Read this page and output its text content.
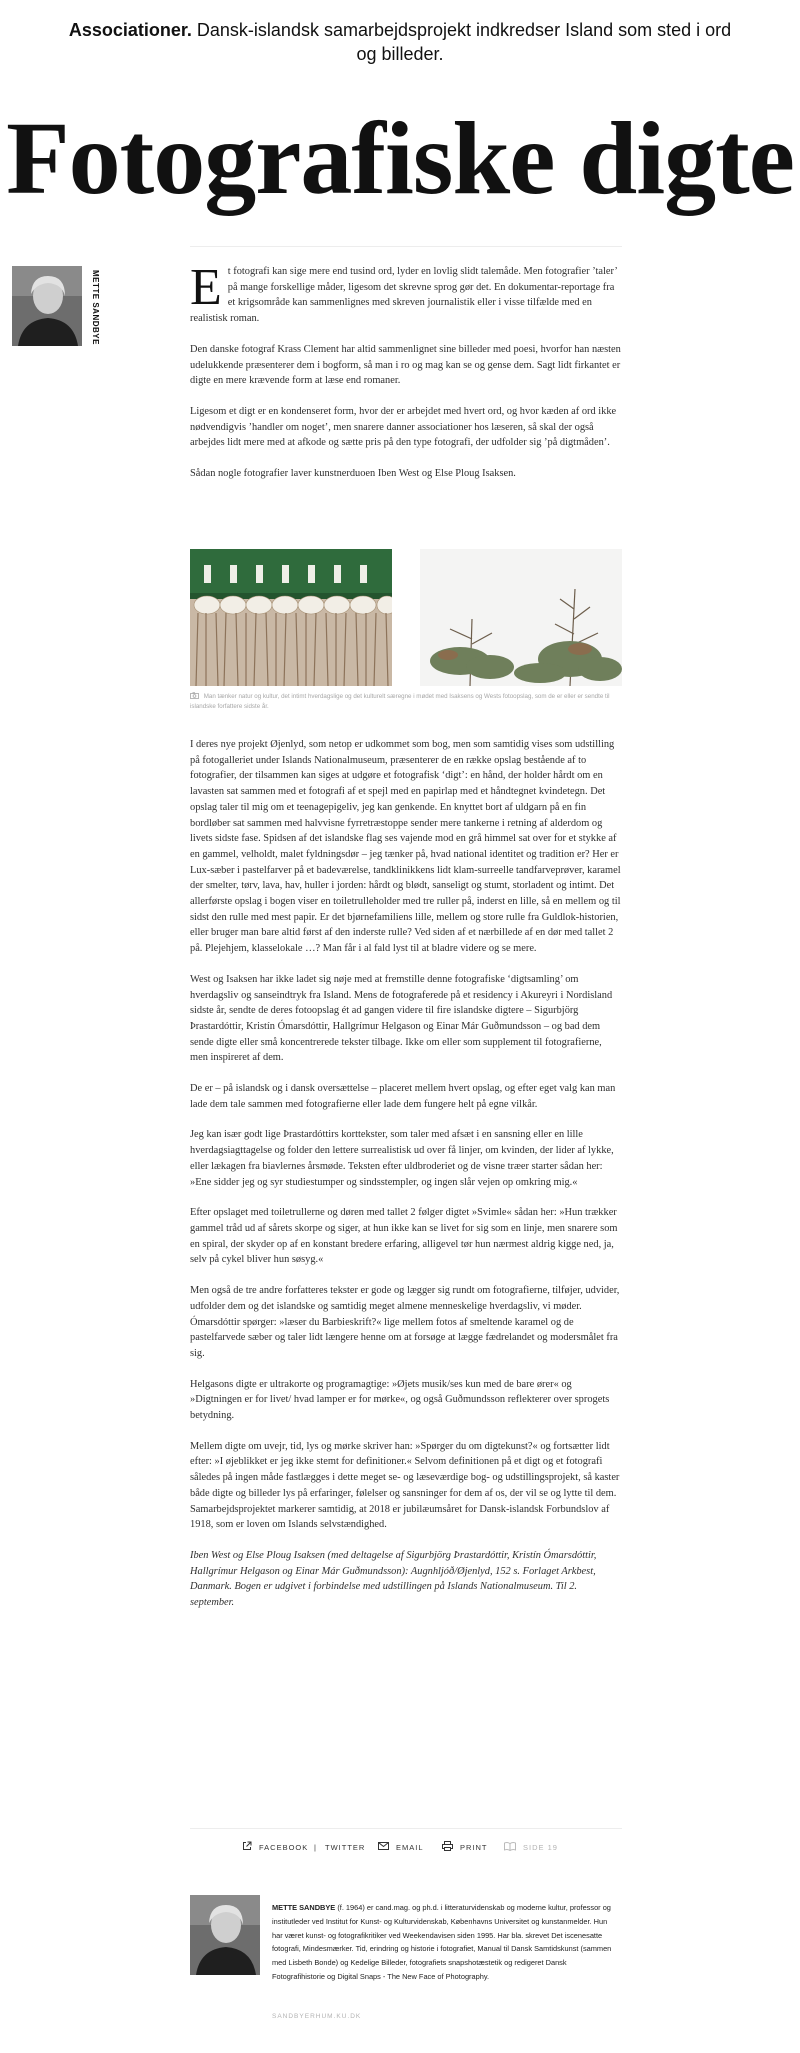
Associationer. Dansk-islandsk samarbejdsprojekt indkredser Island som sted i ord og billeder.
Fotografiske digte
METTE SANDBYE E t fotografi kan sige mere end tusind ord, lyder en lovlig slidt talemåde. Men fotografier ’taler’ på mange forskellige måder, ligesom det skrevne sprog gør det. En dokumentar-reportage fra et krigsområde kan sammenlignes med skreven journalistik eller i visse tilfælde med en realistisk roman.

Den danske fotograf Krass Clement har altid sammenlignet sine billeder med poesi, hvorfor han næsten udelukkende præsenterer dem i bogform, så man i ro og mag kan se og gense dem. Sagt lidt firkantet er digte en mere krævende form at læse end romaner.

Ligesom et digt er en kondenseret form, hvor der er arbejdet med hvert ord, og hvor kæden af ord ikke nødvendigvis ’handler om noget’, men snarere danner associationer hos læseren, så skal der også arbejdes lidt mere med at afkode og sætte pris på den type fotografi, der udfolder sig ’på digtmåden’.

Sådan nogle fotografier laver kunstnerduoen Iben West og Else Ploug Isaksen.

Man tænker natur og kultur, det intimt hverdagslige og det kulturelt særegne i mødet med Isaksens og Wests fotoopslag, som de er eller er sendte til islandske forfattere sidste år.

I deres nye projekt Øjenlyd, som netop er udkommet som bog, men som samtidig vises som udstilling på fotogalleriet under Islands Nationalmuseum, præsenterer de en række opslag bestående af to fotografier, der tilsammen kan siges at udgøre et fotografisk ‘digt’: en hånd, der holder hårdt om en lavasten sat sammen med et fotografi af et spejl med en papirlap med et håndtegnet kvindetegn. Det opslag taler til mig om et teenagepigeliv, jeg kan genkende. En knyttet bort af uldgarn på en fin bordløber sat sammen med halvvisne fyrretræstoppe sender mere tankerne i retning af alderdom og livets sidste fase. Spidsen af det islandske flag ses vajende mod en grå himmel sat over for et stykke af en gammel, velholdt, malet fyldningsdør – jeg tænker på, hvad national identitet og tradition er? Her er Lux-sæber i pastelfarver på et badeværelse, tandklinikkens lidt klam-surreelle tandfarveprøver, karamel der smelter, tørv, lava, hav, huller i jorden: hårdt og blødt, sanseligt og stumt, storladent og intimt. Det allerførste opslag i bogen viser en toiletrulleholder med tre ruller på, inderst en lille, så en mellem og til sidst den rulle med mest papir. Er det bjørnefamiliens lille, mellem og store rulle fra Guldlok-historien, eller bruger man bare altid først af den inderste rulle? Ved siden af et nærbillede af en dør med tallet 2 på. Plejehjem, klasselokale …? Man får i al fald lyst til at bladre videre og se mere.

West og Isaksen har ikke ladet sig nøje med at fremstille denne fotografiske ‘digtsamling’ om hverdagsliv og sanseindtryk fra Island. Mens de fotograferede på et residency i Akureyri i Nordisland sidste år, sendte de deres fotoopslag ét ad gangen videre til fire islandske digtere – Sigurbjörg Þrastardóttir, Kristín Ómarsdóttir, Hallgrímur Helgason og Einar Már Guðmundsson – og bad dem sende digte eller små koncentrerede tekster tilbage. Ikke om eller som supplement til fotografierne, men inspireret af dem.

De er – på islandsk og i dansk oversættelse – placeret mellem hvert opslag, og efter eget valg kan man lade dem tale sammen med fotografierne eller lade dem fungere helt på egne vilkår.

Jeg kan især godt lige Þrastardóttirs korttekster, som taler med afsæt i en sansning eller en lille hverdagsiagttagelse og folder den lettere surrealistisk ud over få linjer, om kvinden, der lider af lykke, eller lækagen fra biavlernes årsmøde. Teksten efter uldbroderiet og de visne træer starter sådan her: »Ene sidder jeg og syr studiestumper og sindsstempler, og ingen slår vejen op omkring mig.«

Efter opslaget med toiletrullerne og døren med tallet 2 følger digtet »Svimle« sådan her: »Hun trækker gammel tråd ud af sårets skorpe og siger, at hun ikke kan se livet for sig som en linje, men snarere som en spiral, der skyder op af en konstant bredere erfaring, alligevel tør hun nærmest aldrig kigge ned, ja, selv på cykel bliver hun søsyg.«

Men også de tre andre forfatteres tekster er gode og lægger sig rundt om fotografierne, tilføjer, udvider, udfolder dem og det islandske og samtidig meget almene menneskelige hverdagsliv, vi møder. Ómarsdóttir spørger: »læser du Barbieskrift?« lige mellem fotos af smeltende karamel og de pastelfarvede sæber og taler lidt længere henne om at forsøge at lægge fædrelandet og modersmålet fra sig.

Helgasons digte er ultrakorte og programagtige: »Øjets musik/ses kun med de bare ører« og »Digtningen er for livet/ hvad lamper er for mørke«, og også Guðmundsson reflekterer over sprogets betydning.

Mellem digte om uvejr, tid, lys og mørke skriver han: »Spørger du om digtekunst?« og fortsætter lidt efter: »I øjeblikket er jeg ikke stemt for definitioner.« Selvom definitionen på et digt og et fotografi således på ingen måde fastlægges i dette meget se- og læseværdige bog- og udstillingsprojekt, så kaster både digte og billeder lys på erfaringer, følelser og sansninger for dem af os, der vil se og lytte til dem. Samarbejdsprojektet markerer samtidig, at 2018 er jubilæumsåret for Dansk-islandsk Forbundslov af 1918, som er loven om Islands selvstændighed.

Iben West og Else Ploug Isaksen (med deltagelse af Sigurbjörg Þrastardóttir, Kristín Ómarsdóttir, Hallgrímur Helgason og Einar Már Guðmundsson): Augnhljóð/Øjenlyd, 152 s. Forlaget Arkbest, Danmark. Bogen er udgivet i forbindelse med udstillingen på Islands Nationalmuseum. Til 2. september.

FACEBOOK | TWITTER	EMAIL	PRINT	SIDE 19
METTE SANDBYE (f. 1964) er cand.mag. og ph.d. i litteraturvidenskab og moderne kultur, professor og institutleder ved Institut for Kunst- og Kulturvidenskab, Københavns Universitet og kunstanmelder. Hun har været kunst- og fotografikritiker ved Weekendavisen siden 1995. Har bla. skrevet Det iscenesatte fotografi, Mindesmærker. Tid, erindring og historie i fotografiet, Manual til Dansk Samtidskunst (sammen med Lisbeth Bonde) og Kedelige Billeder, fotografiets snapshotæstetik og redigeret Dansk Fotografihistorie og Digital Snaps - The New Face of Photography.
SANDBYERHUM.KU.DK
